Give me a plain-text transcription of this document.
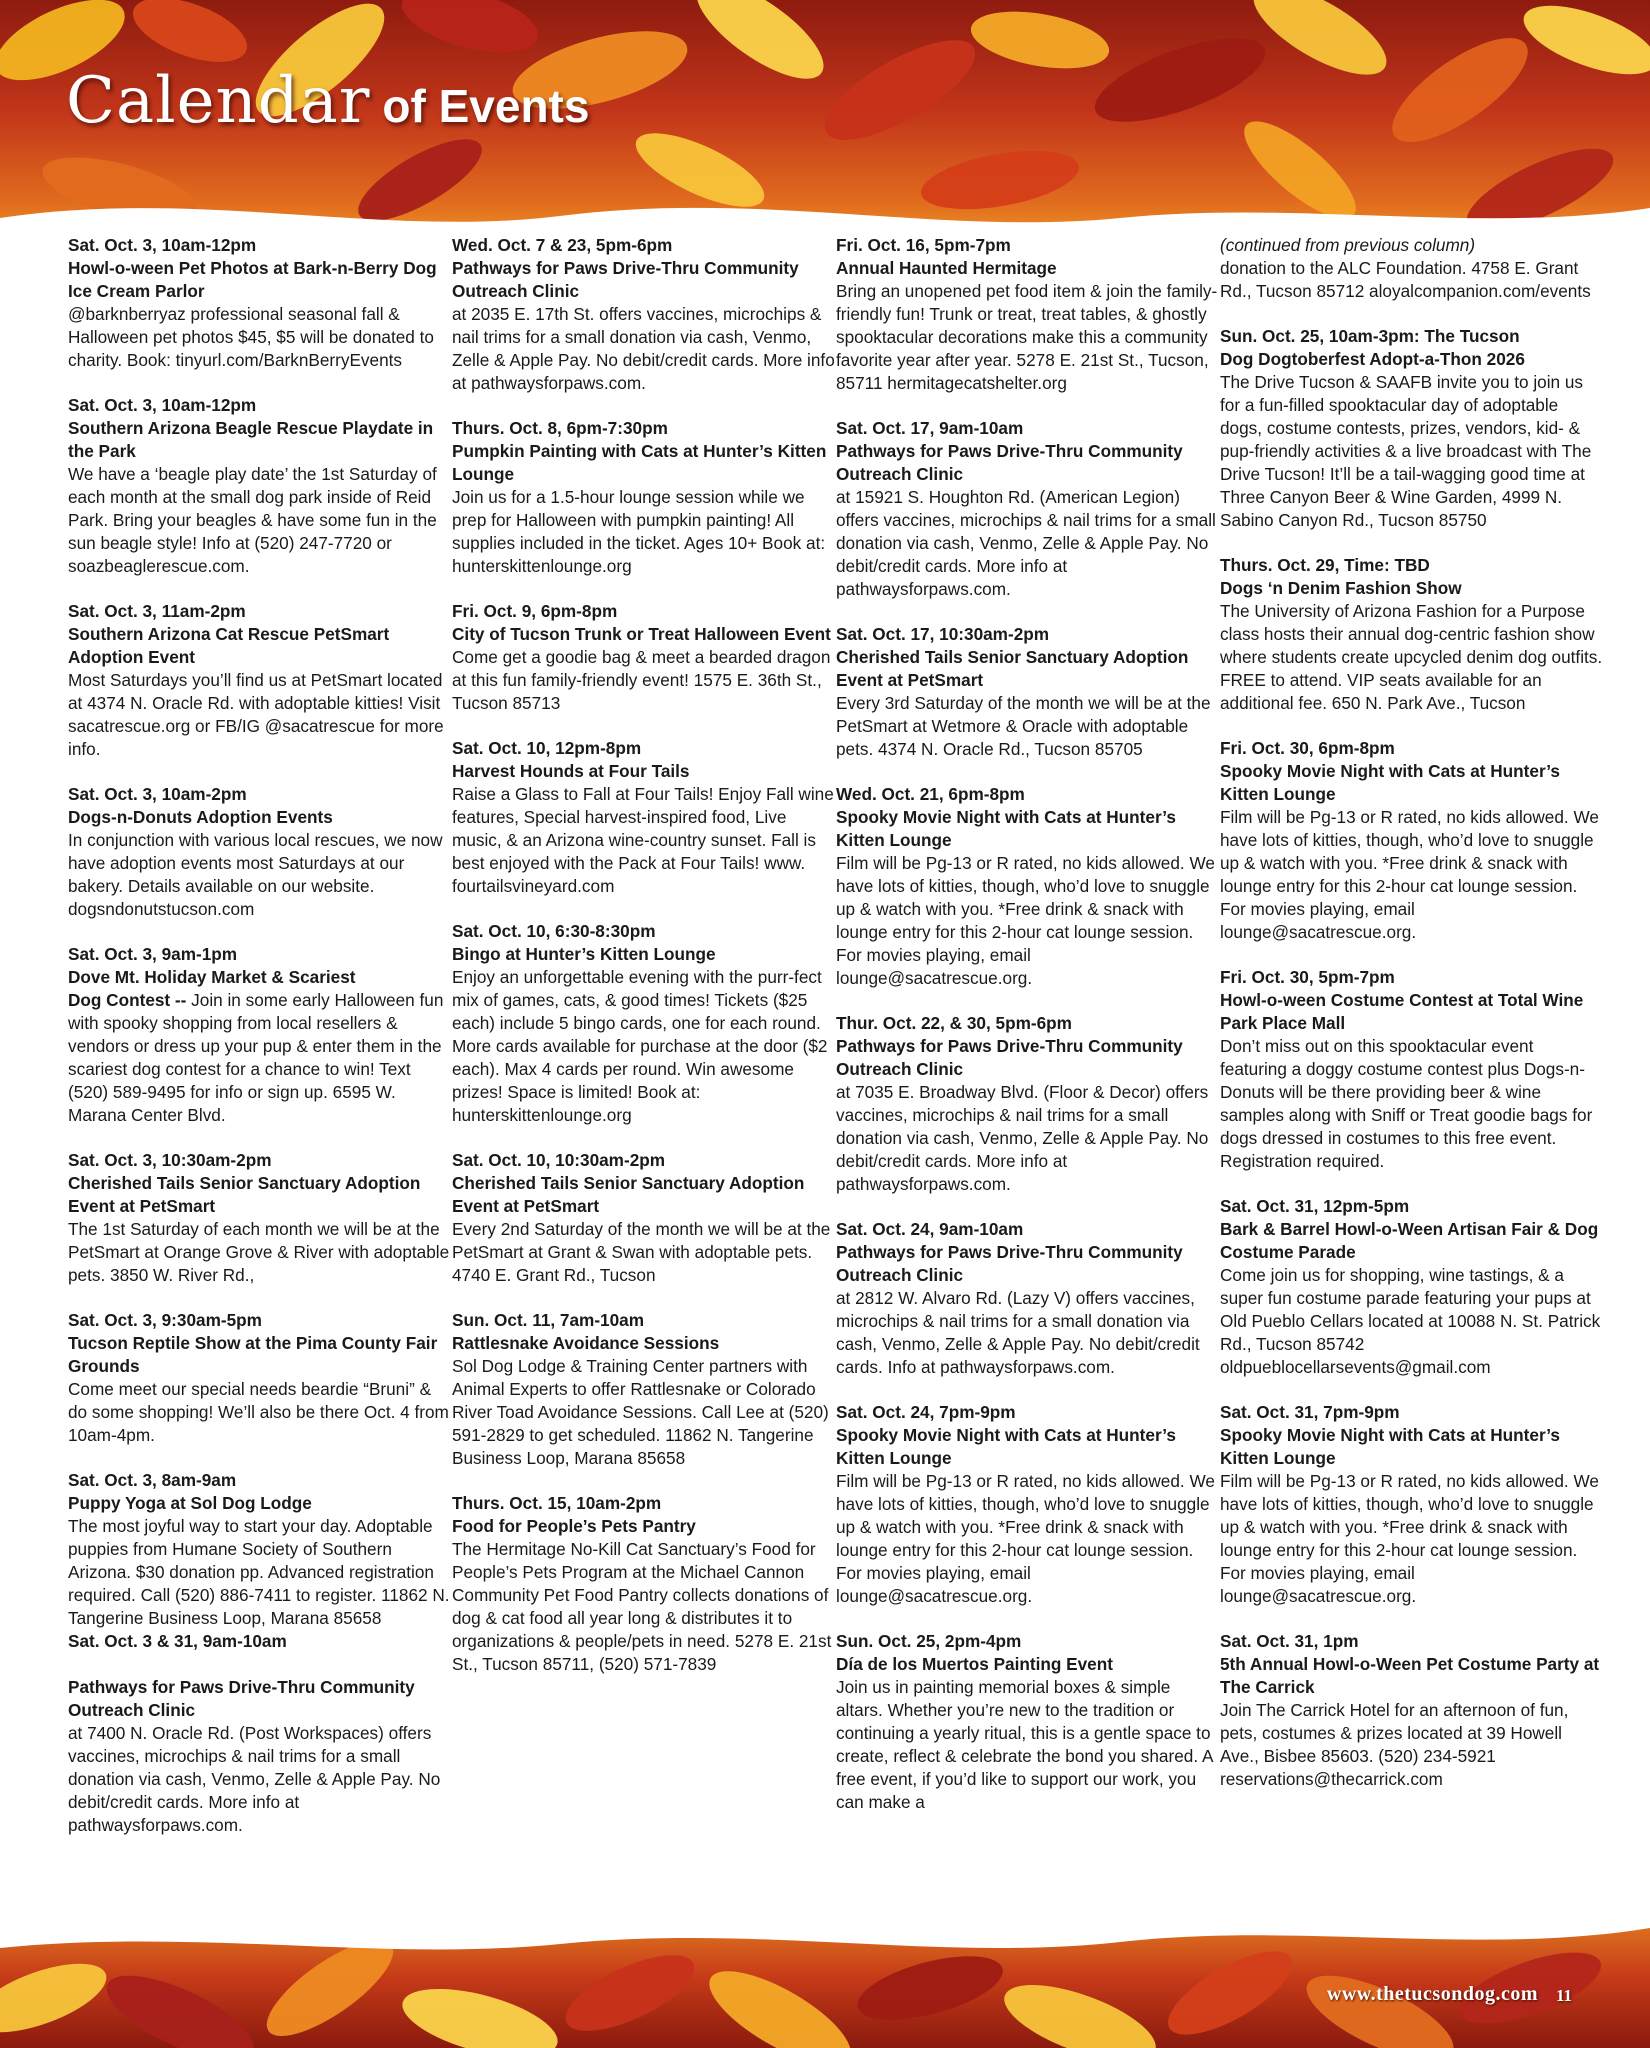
Calendar of Events

Sat. Oct. 3, 10am-12pm

Howl-o-ween Pet Photos at Bark-n-Berry Dog Ice Cream Parlor

@barknberryaz professional seasonal fall & Halloween pet photos $45, $5 will be donated to charity. Book: tinyurl.com/BarknBerryEvents

Sat. Oct. 3, 10am-12pm

Southern Arizona Beagle Rescue Playdate in the Park

We have a ‘beagle play date’ the 1st Saturday of each month at the small dog park inside of Reid Park. Bring your beagles & have some fun in the sun beagle style! Info at (520) 247-7720 or soazbeaglerescue.com.

Sat. Oct. 3, 11am-2pm

Southern Arizona Cat Rescue PetSmart Adoption Event

Most Saturdays you’ll find us at PetSmart located at 4374 N. Oracle Rd. with adoptable kitties! Visit sacatrescue.org or FB/IG @sacatrescue for more info.

Sat. Oct. 3, 10am-2pm

Dogs-n-Donuts Adoption Events

In conjunction with various local rescues, we now have adoption events most Saturdays at our bakery. Details available on our website. dogsndonutstucson.com

Sat. Oct. 3, 9am-1pm

Dove Mt. Holiday Market & Scariest

Dog Contest -- Join in some early Halloween fun with spooky shopping from local resellers & vendors or dress up your pup & enter them in the scariest dog contest for a chance to win! Text (520) 589-9495 for info or sign up. 6595 W. Marana Center Blvd.

Sat. Oct. 3, 10:30am-2pm

Cherished Tails Senior Sanctuary Adoption Event at PetSmart

The 1st Saturday of each month we will be at the PetSmart at Orange Grove & River with adoptable pets. 3850 W. River Rd.,

Sat. Oct. 3, 9:30am-5pm

Tucson Reptile Show at the Pima County Fair Grounds

Come meet our special needs beardie “Bruni” & do some shopping! We’ll also be there Oct. 4 from 10am-4pm.

Sat. Oct. 3, 8am-9am

Puppy Yoga at Sol Dog Lodge

The most joyful way to start your day. Adoptable puppies from Humane Society of Southern Arizona. $30 donation pp. Advanced registration required. Call (520) 886-7411 to register. 11862 N. Tangerine Business Loop, Marana 85658

Sat. Oct. 3 & 31, 9am-10am

Pathways for Paws Drive-Thru Community Outreach Clinic

at 7400 N. Oracle Rd. (Post Workspaces) offers vaccines, microchips & nail trims for a small donation via cash, Venmo, Zelle & Apple Pay. No debit/credit cards. More info at pathwaysforpaws.com.

Wed. Oct. 7 & 23, 5pm-6pm

Pathways for Paws Drive-Thru Community Outreach Clinic

at 2035 E. 17th St. offers vaccines, microchips & nail trims for a small donation via cash, Venmo, Zelle & Apple Pay. No debit/credit cards. More info at pathwaysforpaws.com.

Thurs. Oct. 8, 6pm-7:30pm

Pumpkin Painting with Cats at Hunter’s Kitten Lounge

Join us for a 1.5-hour lounge session while we prep for Halloween with pumpkin painting! All supplies included in the ticket. Ages 10+ Book at: hunterskittenlounge.org

Fri. Oct. 9, 6pm-8pm

City of Tucson Trunk or Treat Halloween Event

Come get a goodie bag & meet a bearded dragon at this fun family-friendly event! 1575 E. 36th St., Tucson 85713

Sat. Oct. 10, 12pm-8pm

Harvest Hounds at Four Tails

Raise a Glass to Fall at Four Tails! Enjoy Fall wine features, Special harvest-inspired food, Live music, & an Arizona wine-country sunset. Fall is best enjoyed with the Pack at Four Tails! www. fourtailsvineyard.com

Sat. Oct. 10, 6:30-8:30pm

Bingo at Hunter’s Kitten Lounge

Enjoy an unforgettable evening with the purr-fect mix of games, cats, & good times! Tickets ($25 each) include 5 bingo cards, one for each round. More cards available for purchase at the door ($2 each). Max 4 cards per round. Win awesome prizes! Space is limited! Book at: hunterskittenlounge.org

Sat. Oct. 10, 10:30am-2pm

Cherished Tails Senior Sanctuary Adoption Event at PetSmart

Every 2nd Saturday of the month we will be at the PetSmart at Grant & Swan with adoptable pets. 4740 E. Grant Rd., Tucson

Sun. Oct. 11, 7am-10am

Rattlesnake Avoidance Sessions

Sol Dog Lodge & Training Center partners with Animal Experts to offer Rattlesnake or Colorado River Toad Avoidance Sessions. Call Lee at (520) 591-2829 to get scheduled. 11862 N. Tangerine Business Loop, Marana 85658

Thurs. Oct. 15, 10am-2pm

Food for People’s Pets Pantry

The Hermitage No-Kill Cat Sanctuary’s Food for People’s Pets Program at the Michael Cannon Community Pet Food Pantry collects donations of dog & cat food all year long & distributes it to organizations & people/pets in need. 5278 E. 21st St., Tucson 85711, (520) 571-7839

Fri. Oct. 16, 5pm-7pm

Annual Haunted Hermitage

Bring an unopened pet food item & join the family-friendly fun! Trunk or treat, treat tables, & ghostly spooktacular decorations make this a community favorite year after year. 5278 E. 21st St., Tucson, 85711 hermitagecatshelter.org

Sat. Oct. 17, 9am-10am

Pathways for Paws Drive-Thru Community Outreach Clinic

at 15921 S. Houghton Rd. (American Legion) offers vaccines, microchips & nail trims for a small donation via cash, Venmo, Zelle & Apple Pay. No debit/credit cards. More info at pathwaysforpaws.com.

Sat. Oct. 17, 10:30am-2pm

Cherished Tails Senior Sanctuary Adoption Event at PetSmart

Every 3rd Saturday of the month we will be at the PetSmart at Wetmore & Oracle with adoptable pets. 4374 N. Oracle Rd., Tucson 85705

Wed. Oct. 21, 6pm-8pm

Spooky Movie Night with Cats at Hunter’s Kitten Lounge

Film will be Pg-13 or R rated, no kids allowed. We have lots of kitties, though, who’d love to snuggle up & watch with you. *Free drink & snack with lounge entry for this 2-hour cat lounge session. For movies playing, email lounge@sacatrescue.org.

Thur. Oct. 22, & 30, 5pm-6pm

Pathways for Paws Drive-Thru Community Outreach Clinic

at 7035 E. Broadway Blvd. (Floor & Decor) offers vaccines, microchips & nail trims for a small donation via cash, Venmo, Zelle & Apple Pay. No debit/credit cards. More info at pathwaysforpaws.com.

Sat. Oct. 24, 9am-10am

Pathways for Paws Drive-Thru Community Outreach Clinic

at 2812 W. Alvaro Rd. (Lazy V) offers vaccines, microchips & nail trims for a small donation via cash, Venmo, Zelle & Apple Pay. No debit/credit cards. Info at pathwaysforpaws.com.

Sat. Oct. 24, 7pm-9pm

Spooky Movie Night with Cats at Hunter’s Kitten Lounge

Film will be Pg-13 or R rated, no kids allowed. We have lots of kitties, though, who’d love to snuggle up & watch with you. *Free drink & snack with lounge entry for this 2-hour cat lounge session. For movies playing, email lounge@sacatrescue.org.

Sun. Oct. 25, 2pm-4pm

Día de los Muertos Painting Event

Join us in painting memorial boxes & simple altars. Whether you’re new to the tradition or continuing a yearly ritual, this is a gentle space to create, reflect & celebrate the bond you shared. A free event, if you’d like to support our work, you can make a

(continued from previous column)

donation to the ALC Foundation. 4758 E. Grant Rd., Tucson 85712 aloyalcompanion.com/events

Sun. Oct. 25, 10am-3pm: The Tucson

Dog Dogtoberfest Adopt-a-Thon 2026

The Drive Tucson & SAAFB invite you to join us for a fun-filled spooktacular day of adoptable dogs, costume contests, prizes, vendors, kid- & pup-friendly activities & a live broadcast with The Drive Tucson! It’ll be a tail-wagging good time at Three Canyon Beer & Wine Garden, 4999 N. Sabino Canyon Rd., Tucson 85750

Thurs. Oct. 29, Time: TBD

Dogs ‘n Denim Fashion Show

The University of Arizona Fashion for a Purpose class hosts their annual dog-centric fashion show where students create upcycled denim dog outfits. FREE to attend. VIP seats available for an additional fee. 650 N. Park Ave., Tucson

Fri. Oct. 30, 6pm-8pm

Spooky Movie Night with Cats at Hunter’s Kitten Lounge

Film will be Pg-13 or R rated, no kids allowed. We have lots of kitties, though, who’d love to snuggle up & watch with you. *Free drink & snack with lounge entry for this 2-hour cat lounge session. For movies playing, email lounge@sacatrescue.org.

Fri. Oct. 30, 5pm-7pm

Howl-o-ween Costume Contest at Total Wine Park Place Mall

Don’t miss out on this spooktacular event featuring a doggy costume contest plus Dogs-n-Donuts will be there providing beer & wine samples along with Sniff or Treat goodie bags for dogs dressed in costumes to this free event. Registration required.

Sat. Oct. 31, 12pm-5pm

Bark & Barrel Howl-o-Ween Artisan Fair & Dog Costume Parade

Come join us for shopping, wine tastings, & a super fun costume parade featuring your pups at Old Pueblo Cellars located at 10088 N. St. Patrick Rd., Tucson 85742 oldpueblocellarsevents@gmail.com

Sat. Oct. 31, 7pm-9pm

Spooky Movie Night with Cats at Hunter’s Kitten Lounge

Film will be Pg-13 or R rated, no kids allowed. We have lots of kitties, though, who’d love to snuggle up & watch with you. *Free drink & snack with lounge entry for this 2-hour cat lounge session. For movies playing, email lounge@sacatrescue.org.

Sat. Oct. 31, 1pm

5th Annual Howl-o-Ween Pet Costume Party at The Carrick

Join The Carrick Hotel for an afternoon of fun, pets, costumes & prizes located at 39 Howell Ave., Bisbee 85603. (520) 234-5921 reservations@thecarrick.com

www.thetucsondog.com 11
